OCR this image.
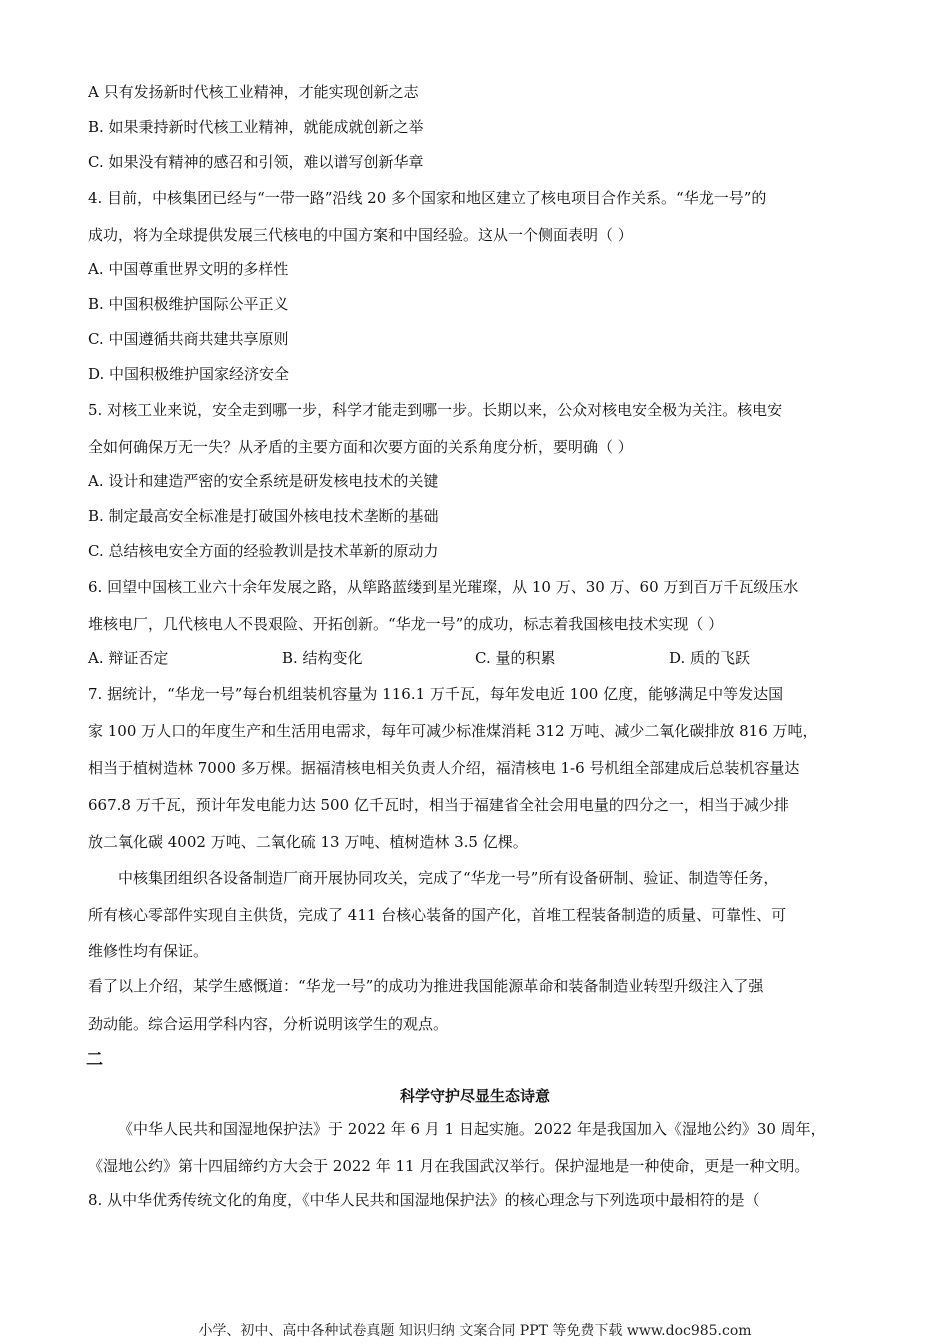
A 只有发扬新时代核工业精神，才能实现创新之志
B. 如果秉持新时代核工业精神，就能成就创新之举
C. 如果没有精神的感召和引领，难以谱写创新华章
4. 目前，中核集团已经与“一带一路”沿线 20 多个国家和地区建立了核电项目合作关系。“华龙一号”的
成功，将为全球提供发展三代核电的中国方案和中国经验。这从一个侧面表明（ ）
A. 中国尊重世界文明的多样性
B. 中国积极维护国际公平正义
C. 中国遵循共商共建共享原则
D. 中国积极维护国家经济安全
5. 对核工业来说，安全走到哪一步，科学才能走到哪一步。长期以来，公众对核电安全极为关注。核电安
全如何确保万无一失？从矛盾的主要方面和次要方面的关系角度分析，要明确（ ）
A. 设计和建造严密的安全系统是研发核电技术的关键
B. 制定最高安全标准是打破国外核电技术垄断的基础
C. 总结核电安全方面的经验教训是技术革新的原动力
6. 回望中国核工业六十余年发展之路，从筚路蓝缕到星光璀璨，从 10 万、30 万、60 万到百万千瓦级压水
堆核电厂，几代核电人不畏艰险、开拓创新。“华龙一号”的成功，标志着我国核电技术实现（ ）
A. 辩证否定	B. 结构变化	C. 量的积累	D. 质的飞跃
7. 据统计，“华龙一号”每台机组装机容量为 116.1 万千瓦，每年发电近 100 亿度，能够满足中等发达国
家 100 万人口的年度生产和生活用电需求，每年可减少标准煤消耗 312 万吨、减少二氧化碳排放 816 万吨，
相当于植树造林 7000 多万棵。据福清核电相关负责人介绍，福清核电 1-6 号机组全部建成后总装机容量达
667.8 万千瓦，预计年发电能力达 500 亿千瓦时，相当于福建省全社会用电量的四分之一，相当于减少排
放二氧化碳 4002 万吨、二氧化硫 13 万吨、植树造林 3.5 亿棵。
中核集团组织各设备制造厂商开展协同攻关，完成了“华龙一号”所有设备研制、验证、制造等任务，
所有核心零部件实现自主供货，完成了 411 台核心装备的国产化，首堆工程装备制造的质量、可靠性、可
维修性均有保证。
看了以上介绍，某学生感慨道：“华龙一号”的成功为推进我国能源革命和装备制造业转型升级注入了强
劲动能。综合运用学科内容，分析说明该学生的观点。
二
科学守护尽显生态诗意
《中华人民共和国湿地保护法》于 2022 年 6 月 1 日起实施。2022 年是我国加入《湿地公约》30 周年，
《湿地公约》第十四届缔约方大会于 2022 年 11 月在我国武汉举行。保护湿地是一种使命，更是一种文明。
8. 从中华优秀传统文化的角度，《中华人民共和国湿地保护法》的核心理念与下列选项中最相符的是（
小学、初中、高中各种试卷真题 知识归纳 文案合同 PPT 等免费下载 www.doc985.com
